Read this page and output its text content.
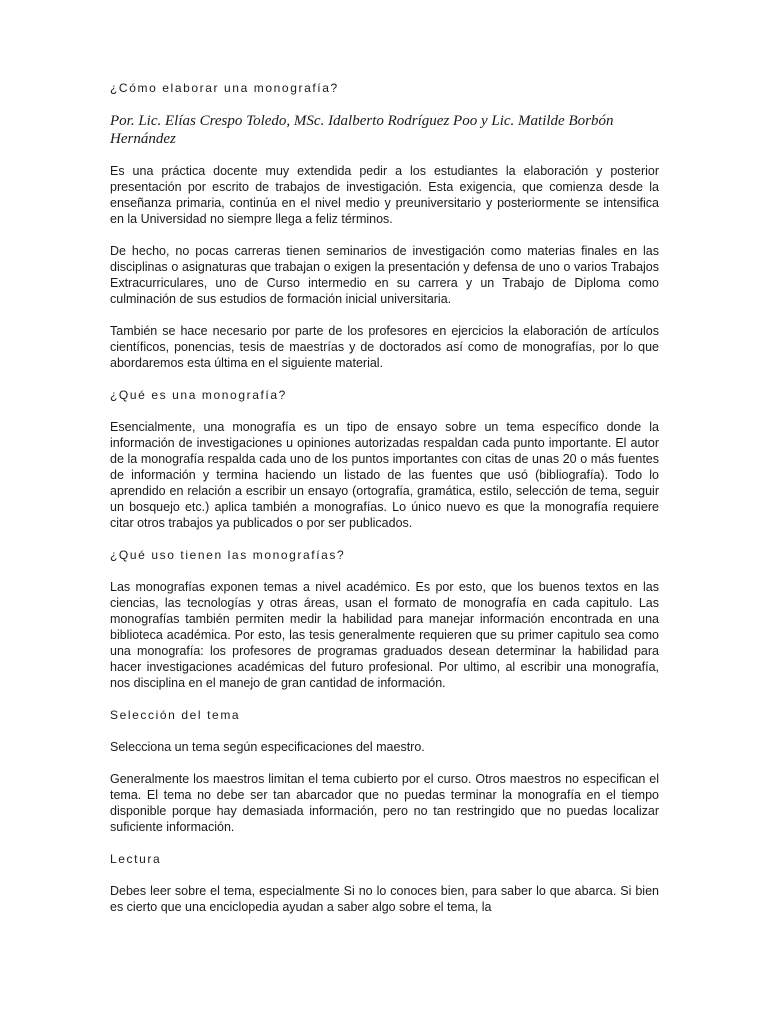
¿Cómo elaborar una monografía?
Por. Lic. Elías Crespo Toledo, MSc. Idalberto Rodríguez Poo y Lic. Matilde Borbón Hernández

Es una práctica docente muy extendida pedir a los estudiantes la elaboración y posterior presentación por escrito de trabajos de investigación. Esta exigencia, que comienza desde la enseñanza primaria, continúa en el nivel medio y preuniversitario y posteriormente se intensifica en la Universidad no siempre llega a feliz términos.

De hecho, no pocas carreras tienen seminarios de investigación como materias finales en las disciplinas o asignaturas que trabajan o exigen la presentación y defensa de uno o varios Trabajos Extracurriculares, uno de Curso intermedio en su carrera y un Trabajo de Diploma como culminación de sus estudios de formación inicial universitaria.

También se hace necesario por parte de los profesores en ejercicios la elaboración de artículos científicos, ponencias, tesis de maestrías y de doctorados así como de monografías, por lo que abordaremos esta última en el siguiente material.

¿Qué es una monografía?

Esencialmente, una monografía es un tipo de ensayo sobre un tema específico donde la información de investigaciones u opiniones autorizadas respaldan cada punto importante. El autor de la monografía respalda cada uno de los puntos importantes con citas de unas 20 o más fuentes de información y termina haciendo un listado de las fuentes que usó (bibliografía). Todo lo aprendido en relación a escribir un ensayo (ortografía, gramática, estilo, selección de tema, seguir un bosquejo etc.) aplica también a monografías. Lo único nuevo es que la monografía requiere citar otros trabajos ya publicados o por ser publicados.

¿Qué uso tienen las monografías?

Las monografías exponen temas a nivel académico. Es por esto, que los buenos textos en las ciencias, las tecnologías y otras áreas, usan el formato de monografía en cada capitulo. Las monografías también permiten medir la habilidad para manejar información encontrada en una biblioteca académica. Por esto, las tesis generalmente requieren que su primer capitulo sea como una monografía: los profesores de programas graduados desean determinar la habilidad para hacer investigaciones académicas del futuro profesional. Por ultimo, al escribir una monografía, nos disciplina en el manejo de gran cantidad de información.

Selección del tema

Selecciona un tema según especificaciones del maestro.

Generalmente los maestros limitan el tema cubierto por el curso. Otros maestros no especifican el tema. El tema no debe ser tan abarcador que no puedas terminar la monografía en el tiempo disponible porque hay demasiada información, pero no tan restringido que no puedas localizar suficiente información.

Lectura

Debes leer sobre el tema, especialmente Si no lo conoces bien, para saber lo que abarca. Si bien es cierto que una enciclopedia ayudan a saber algo sobre el tema, la
